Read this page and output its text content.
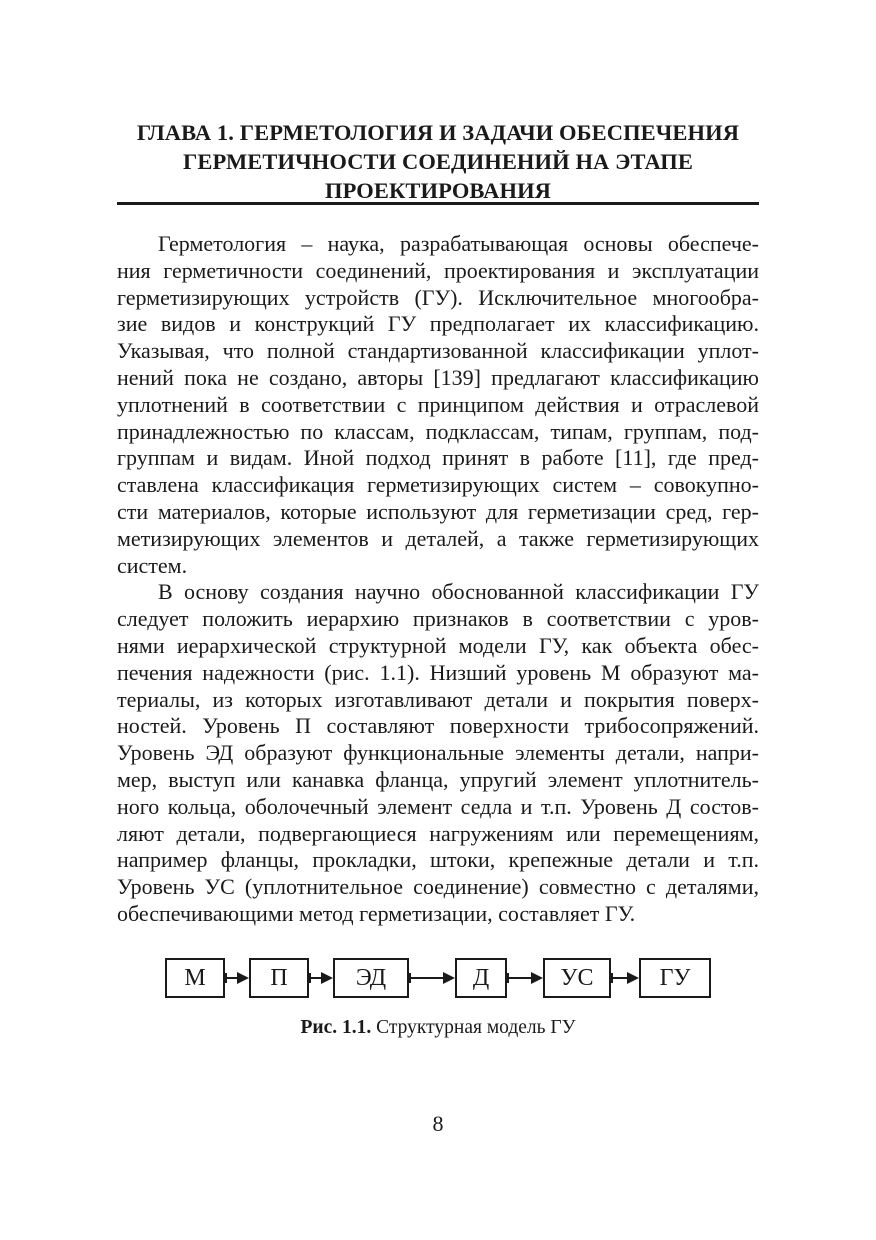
ГЛАВА 1. ГЕРМЕТОЛОГИЯ И ЗАДАЧИ ОБЕСПЕЧЕНИЯ
ГЕРМЕТИЧНОСТИ СОЕДИНЕНИЙ НА ЭТАПЕ
ПРОЕКТИРОВАНИЯ
Герметология – наука, разрабатывающая основы обеспече-
ния герметичности соединений, проектирования и эксплуатации
герметизирующих устройств (ГУ). Исключительное многообра-
зие видов и конструкций ГУ предполагает их классификацию.
Указывая, что полной стандартизованной классификации уплот-
нений пока не создано, авторы [139] предлагают классификацию
уплотнений в соответствии с принципом действия и отраслевой
принадлежностью по классам, подклассам, типам, группам, под-
группам и видам. Иной подход принят в работе [11], где пред-
ставлена классификация герметизирующих систем – совокупно-
сти материалов, которые используют для герметизации сред, гер-
метизирующих элементов и деталей, а также герметизирующих
систем.
В основу создания научно обоснованной классификации ГУ
следует положить иерархию признаков в соответствии с уров-
нями иерархической структурной модели ГУ, как объекта обес-
печения надежности (рис. 1.1). Низший уровень М образуют ма-
териалы, из которых изготавливают детали и покрытия поверх-
ностей. Уровень П составляют поверхности трибосопряжений.
Уровень ЭД образуют функциональные элементы детали, напри-
мер, выступ или канавка фланца, упругий элемент уплотнитель-
ного кольца, оболочечный элемент седла и т.п. Уровень Д состов-
ляют детали, подвергающиеся нагружениям или перемещениям,
например фланцы, прокладки, штоки, крепежные детали и т.п.
Уровень УС (уплотнительное соединение) совместно с деталями,
обеспечивающими метод герметизации, составляет ГУ.
М	П	ЭД	Д	УС	ГУ
Рис. 1.1. Структурная модель ГУ
8
